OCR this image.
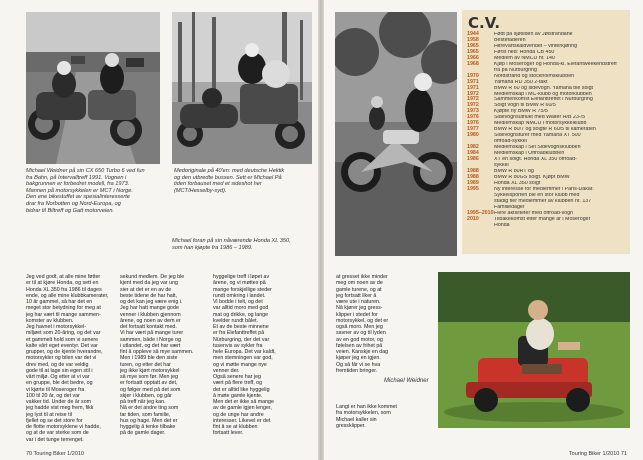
Michael Weidner på sin CX 650 Turbo 6 ved fun
fra Bahn, på Intervalltreff 1991. Vognen i
bakgrunnen er forbedret modell, fra 1973.
Mannen på motorsykkelen er MCT i Norge.
Den ene bikestuffet av spesialinteresserte
drar fra Norbotten og Nord-Europa, og
bidrar til Biltreff og Gatt motorveien.
Medoriginale på 40'en: med deutsche Hektik
og den utbredte bussen. Sett er Michael På
tiden forbauset med et sideshot her
(MCT/Hesselby-syd).
C.V.
1944	Født på sjøsiden av Jølstrandane
1958	Bestefaderen
1965	Hitrevartskaldvendet – vinterkjøring
1965	Først ned: Honda CB 450
1966	Medlem av NMCU nr. 140
1968	Kjøp i Moseroger og Honda-kl. Elefantweekendstreff
fra på Nürburgring
1970	Nordstrand og stockholmsklubben
1971	Yamaha RD 350 2-takt
1971	BMW R 60 og sidevogn. Yamaha ble solgt
1972	Medlemskap i MC-klubb og motorklubben
1972	Sammenkomst Elefanttreffet i Nürburgring
1972	Solgt vogn til BMW R 60/5
1973	Kjøpte ny BMW R 75/5
1976	Sidevognsutflukt med Walter H/B 23-/5
1976	Medlemskap NMCU i motorsykkelklubb
1977	BMW R 80/7 og solgte R 60/5 til kameraten
1980	Sidevognsturer med Yamaha XT 500
offroad-sykkel
1982	Medlemskap i Sel Sidevognsklubben
1984	Medlemskap i Offroadklubben
1986	XT en solgt. Honda XL 350 offroad-
sykkel
1988	BMW R 80RT og
1988	BMW R 80GS solgt. Kjøpt BMW
1989	Honda XL 350 solgt
1995	Ny interesse for medlemmer i Paris-Dakar.
Sykkelsporten ble en stor klubb med
stadig fler medlemmer av klubben nr. 137
Familiedager
1995–2010 Flere aktiviteter med offroad-vogn
2010	Tilbakekomst etter mange år i Moseroger
Honda
Michael foran på sin nåværende Honda XL 350,
som han kjøpte fra 1986 – 1989.
Jeg ved godt, at alle mine føtter
er til at kjøre Honda, og sett en
Honda XL 350 fra 1986 til dages
ende, og alle mine klubbkamerater,
10 år gammel, så har det en
meget stor betydning for meg at
jeg har vært til mange sammen-
komster av klubben.
Jeg havnet i motorsykkel-
miljøet som 20-åring, og det var
et gammelt hold som vi senere
kalte vårt eget eventyr. Det var
grupper, og de kjente hverandre,
motorsykler og bilen var det vi
drev med, og de var veldig
gode til at lage sin egen stil i
vårt miljø. Og etter at vi var
en gruppe, ble det bedre, og
vi kjørte til Moseroger fra
100 til 20 år, og det var
vakker tid. Under de år som
jeg hadde vist meg frem, fikk
jeg lyst til at reise til
fjellet og se det store for
de flotte motorsyklene vi hadde,
og at de var sterke som de
var i det tunge terrenget.
sekund medlem. De jeg ble
kjent med da jeg var ung
sier at det er en av de
beste tidene de har hatt,
og det kan jeg være enig i.
Jeg har hatt mange gode
venner i klubben gjennom
årene, og noen av dem er
det fortsatt kontakt med.
Vi har vært på mange turer
sammen, både i Norge og
i utlandet, og det har vært
fint å oppleve så mye sammen.
Men i 1989 ble den siste
turen, og etter det har
jeg ikke kjørt motorsykkel
så mye som før. Men jeg
er fortsatt opptatt av det,
og følger med på det som
skjer i klubben, og går
på treff når jeg kan.
Nå er det andre ting som
tar tiden, som familie,
hus og hage. Men det er
hyggelig å tenke tilbake
på de gamle dager.
hyggelige treff i løpet av
årene, og vi møttes på
mange forskjellige steder
rundt omkring i landet.
Vi bodde i telt, og det
var alltid moro med god
mat og drikke, og lange
kvelder rundt bålet.
Et av de beste minnene
er fra Elefanttreffet på
Nürburgring, der det var
tusenvis av sykler fra
hele Europa. Det var kaldt,
men stemningen var god,
og vi møtte mange nye
venner der.
Også senere har jeg
vært på flere treff, og
det er alltid like hyggelig
å møte gamle kjente.
Men det er ikke så mange
av de gamle igjen lenger,
og de unge har andre
interesser. Likevel er det
fint å se at klubben
fortsatt lever.
at gresset ikke minder
meg om noen av de
gamle turene, og at
jeg fortsatt liker å
være ute i naturen.
Nå kjører jeg gress-
klipper i stedet for
motorsykkel, og det er
også moro. Men jeg
savner av og til lyden
av en god motor, og
følelsen av frihet på
veien. Kanskje en dag
kjøper jeg en igjen.
Og så får vi se hva
fremtiden bringer.
Michael Weidner
Langt er han ikke kommet
fra motorsykkelen, som
Michael kaller sin
gressklipper.
70 Touring Biker 1/2010	Touring Biker 1/2010 71
